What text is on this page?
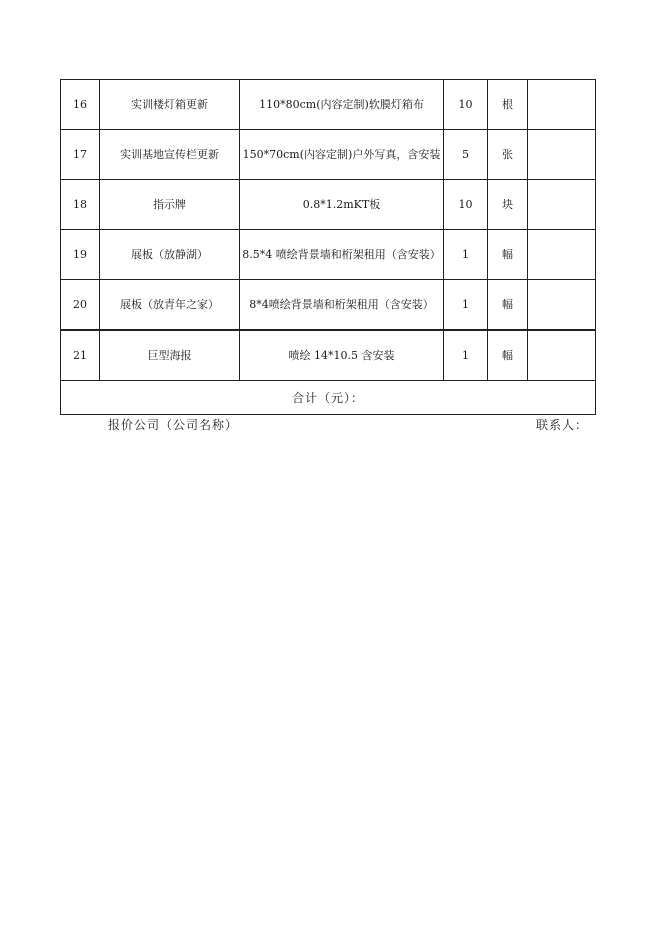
16	实训楼灯箱更新	110*80cm(内容定制)软膜灯箱布	10	根	
17	实训基地宣传栏更新	150*70cm(内容定制)户外写真，含安装	5	张	
18	指示牌	0.8*1.2mKT板	10	块	
19	展板（放静湖）	8.5*4 喷绘背景墙和桁架租用（含安装）	1	幅	
20	展板（放青年之家）	8*4喷绘背景墙和桁架租用（含安装）	1	幅	
21	巨型海报	喷绘 14*10.5 含安装	1	幅	
合计（元）：					
报价公司（公司名称）	联系人：
